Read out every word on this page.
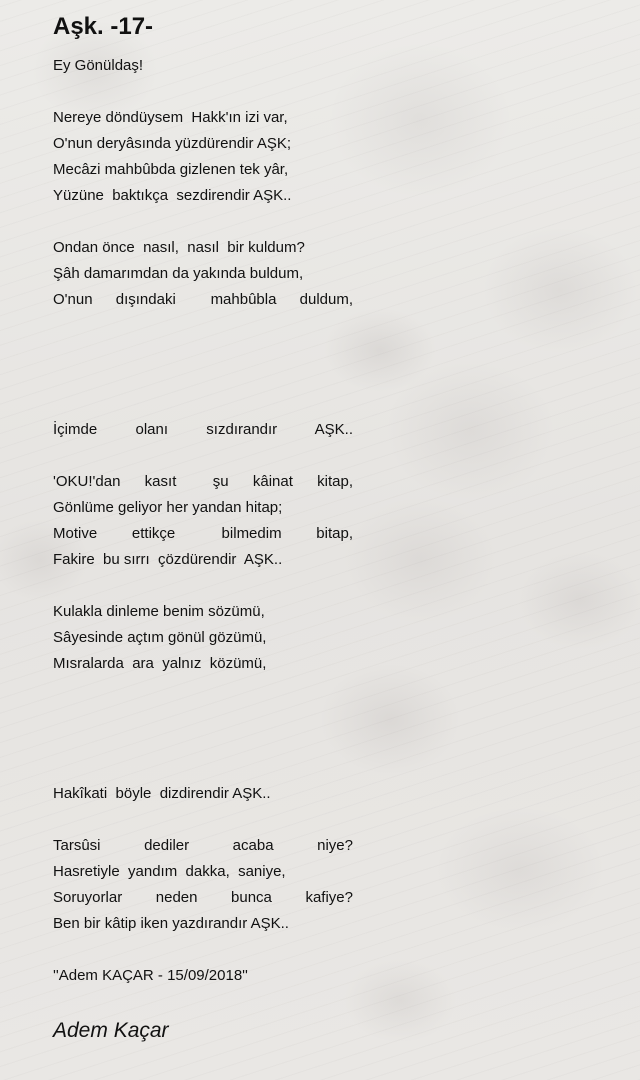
Aşk. -17-
Ey Gönüldaş!
Nereye döndüysem  Hakk'ın izi var,
O'nun deryâsında yüzdürendir AŞK;
Mecâzi mahbûbda gizlenen tek yâr,
Yüzüne  baktıkça  sezdirendir AŞK..
Ondan önce  nasıl,  nasıl  bir kuldum?
Şâh damarımdan da yakında buldum,
O'nun  dışındaki   mahbûbla  duldum,
İçimde     olanı     sızdırandır     AŞK..
'OKU!'dan  kasıt   şu  kâinat  kitap,
Gönlüme geliyor her yandan hitap;
Motive   ettikçe    bilmedim   bitap,
Fakire  bu sırrı  çözdürendir  AŞK..
Kulakla dinleme benim sözümü,
Sâyesinde açtım gönül gözümü,
Mısralarda  ara  yalnız  közümü,
Hakîkati  böyle  dizdirendir AŞK..
Tarsûsi     dediler     acaba     niye?
Hasretiyle  yandım  dakka,  saniye,
Soruyorlar   neden   bunca   kafiye?
Ben bir kâtip iken yazdırandır AŞK..
''Adem KAÇAR - 15/09/2018''
Adem Kaçar
